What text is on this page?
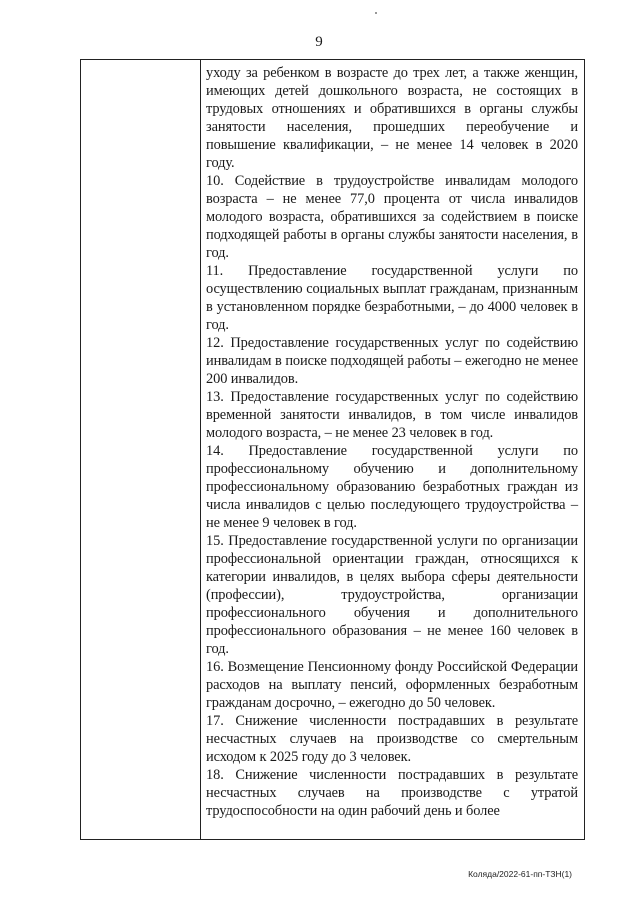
9

уходу за ребенком в возрасте до трех лет, а также женщин, имеющих детей дошкольного возраста, не состоящих в трудовых отношениях и обратившихся в органы службы занятости населения, прошедших переобучение и повышение квалификации, – не менее 14 человек в 2020 году.

10. Содействие в трудоустройстве инвалидам молодого возраста – не менее 77,0 процента от числа инвалидов молодого возраста, обратившихся за содействием в поиске подходящей работы в органы службы занятости населения, в год.

11. Предоставление государственной услуги по осуществлению социальных выплат гражданам, признанным в установленном порядке безработными, – до 4000 человек в год.

12. Предоставление государственных услуг по содействию инвалидам в поиске подходящей работы – ежегодно не менее 200 инвалидов.

13. Предоставление государственных услуг по содействию временной занятости инвалидов, в том числе инвалидов молодого возраста, – не менее 23 человек в год.

14. Предоставление государственной услуги по профессиональному обучению и дополнительному профессиональному образованию безработных граждан из числа инвалидов с целью последующего трудоустройства – не менее 9 человек в год.

15. Предоставление государственной услуги по организации профессиональной ориентации граждан, относящихся к категории инвалидов, в целях выбора сферы деятельности (профессии), трудоустройства, организации профессионального обучения и дополнительного профессионального образования – не менее 160 человек в год.

16. Возмещение Пенсионному фонду Российской Федерации расходов на выплату пенсий, оформленных безработным гражданам досрочно, – ежегодно до 50 человек.

17. Снижение численности пострадавших в результате несчастных случаев на производстве со смертельным исходом к 2025 году до 3 человек.

18. Снижение численности пострадавших в результате несчастных случаев на производстве с утратой трудоспособности на один рабочий день и более

Коляда/2022-61-пп-ТЗН(1)
